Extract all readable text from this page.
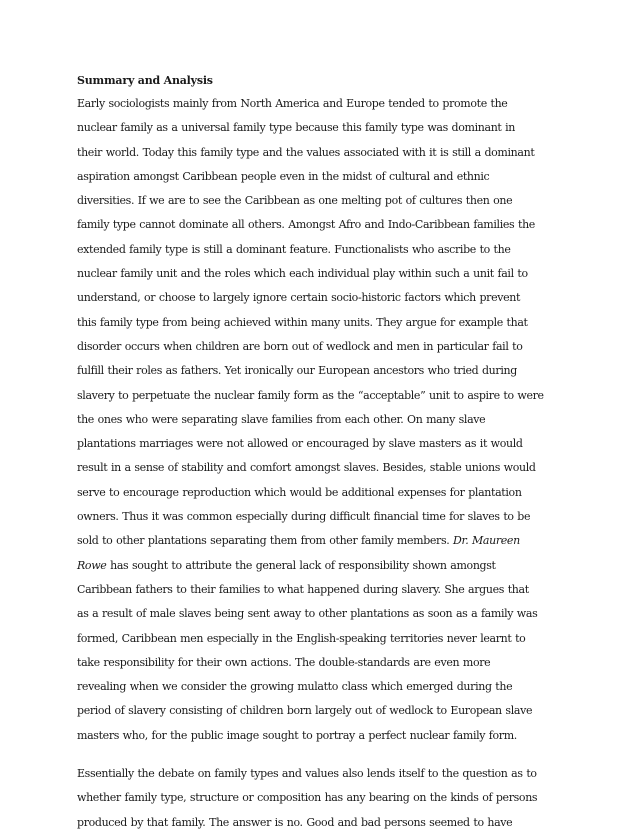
Summary and Analysis
Early sociologists mainly from North America and Europe tended to promote the
nuclear family as a universal family type because this family type was dominant in
their world. Today this family type and the values associated with it is still a dominant
aspiration amongst Caribbean people even in the midst of cultural and ethnic
diversities. If we are to see the Caribbean as one melting pot of cultures then one
family type cannot dominate all others. Amongst Afro and Indo-Caribbean families the
extended family type is still a dominant feature. Functionalists who ascribe to the
nuclear family unit and the roles which each individual play within such a unit fail to
understand, or choose to largely ignore certain socio-historic factors which prevent
this family type from being achieved within many units. They argue for example that
disorder occurs when children are born out of wedlock and men in particular fail to
fulfill their roles as fathers. Yet ironically our European ancestors who tried during
slavery to perpetuate the nuclear family form as the “acceptable” unit to aspire to were
the ones who were separating slave families from each other. On many slave
plantations marriages were not allowed or encouraged by slave masters as it would
result in a sense of stability and comfort amongst slaves. Besides, stable unions would
serve to encourage reproduction which would be additional expenses for plantation
owners. Thus it was common especially during difficult financial time for slaves to be
sold to other plantations separating them from other family members. Dr. Maureen
Rowe has sought to attribute the general lack of responsibility shown amongst
Caribbean fathers to their families to what happened during slavery. She argues that
as a result of male slaves being sent away to other plantations as soon as a family was
formed, Caribbean men especially in the English-speaking territories never learnt to
take responsibility for their own actions. The double-standards are even more
revealing when we consider the growing mulatto class which emerged during the
period of slavery consisting of children born largely out of wedlock to European slave
masters who, for the public image sought to portray a perfect nuclear family form.
Essentially the debate on family types and values also lends itself to the question as to
whether family type, structure or composition has any bearing on the kinds of persons
produced by that family. The answer is no. Good and bad persons seemed to have
